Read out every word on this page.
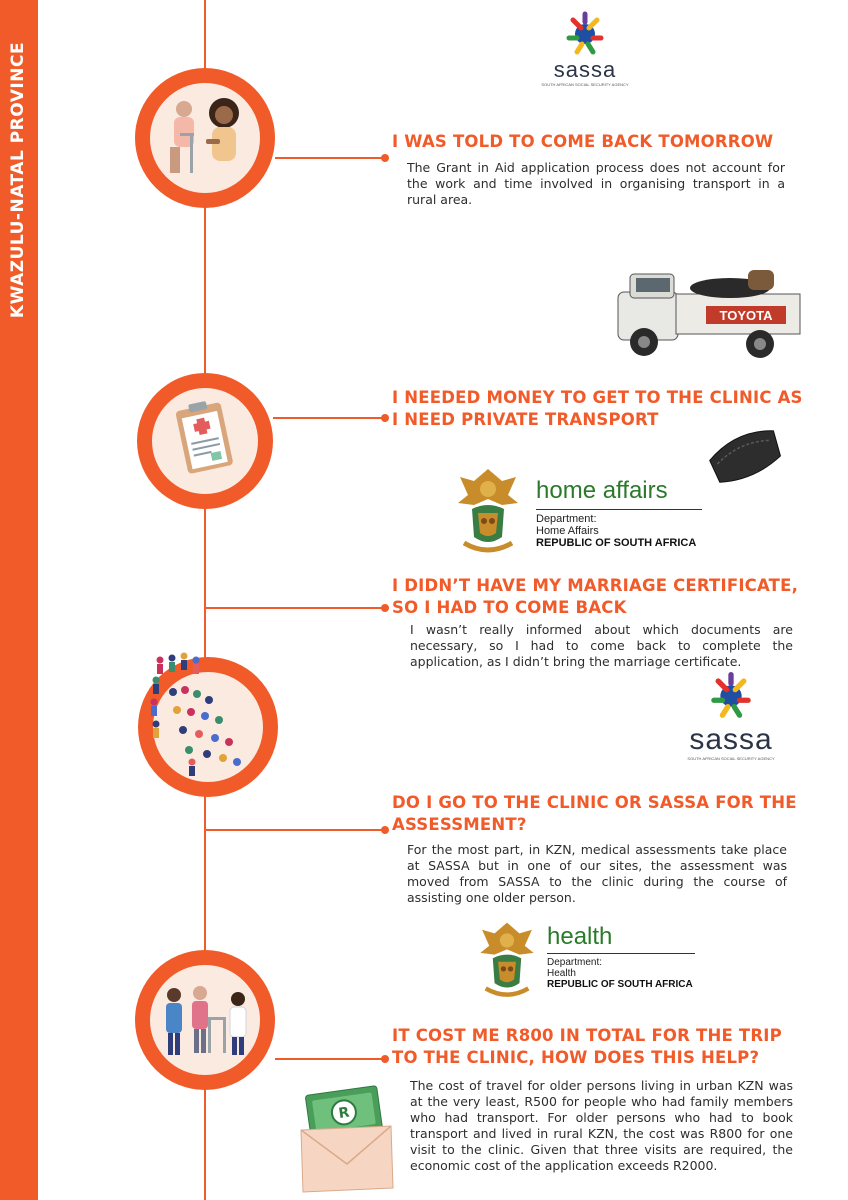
KWAZULU-NATAL PROVINCE	sassa
SOUTH AFRICAN SOCIAL SECURITY AGENCY
I WAS TOLD TO COME BACK TOMORROW
The Grant in Aid application process does not account for the work and time involved in organising transport in a rural area.
TOYOTA
I NEEDED MONEY TO GET TO THE CLINIC AS I NEED PRIVATE TRANSPORT
home affairs
Department:
Home Affairs
REPUBLIC OF SOUTH AFRICA
I DIDN’T HAVE MY MARRIAGE CERTIFICATE, SO I HAD TO COME BACK
I wasn’t really informed about which documents are necessary, so I had to come back to complete the application, as I didn’t bring the marriage certificate.
sassa
SOUTH AFRICAN SOCIAL SECURITY AGENCY
DO I GO TO THE CLINIC OR SASSA FOR THE ASSESSMENT?
For the most part, in KZN, medical assessments take place at SASSA but in one of our sites, the assessment was moved from SASSA to the clinic during the course of assisting one older person.
health
Department:
Health
REPUBLIC OF SOUTH AFRICA
IT COST ME R800 IN TOTAL FOR THE TRIP TO THE CLINIC, HOW DOES THIS HELP?
The cost of travel for older persons living in urban KZN was at the very least, R500 for people who had family members who had transport. For older persons who had to book transport and lived in rural KZN, the cost was R800 for one visit to the clinic. Given that three visits are required, the economic cost of the application exceeds R2000.
R
